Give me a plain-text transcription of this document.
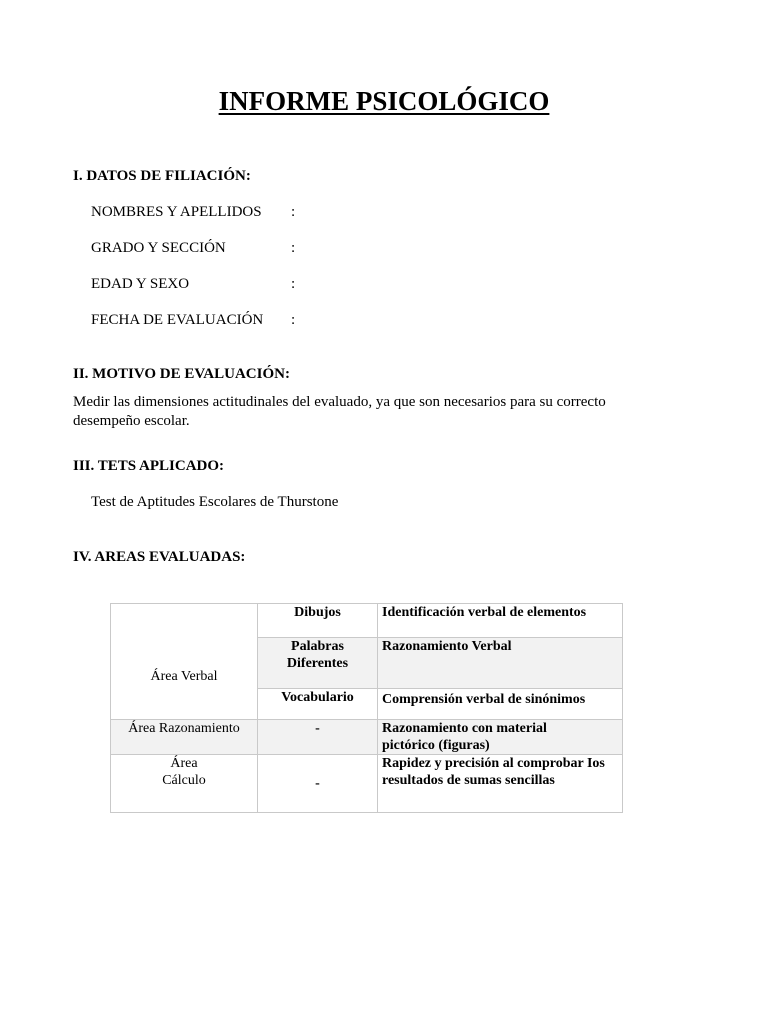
INFORME PSICOLÓGICO
I. DATOS DE FILIACIÓN:
NOMBRES Y APELLIDOS :
GRADO Y SECCIÓN	:
EDAD Y SEXO	:
FECHA DE EVALUACIÓN :
II. MOTIVO DE EVALUACIÓN:
Medir las dimensiones actitudinales del evaluado, ya que son necesarios para su correcto desempeño escolar.
III. TETS APLICADO:
Test de Aptitudes Escolares de Thurstone
IV. AREAS EVALUADAS:
Área Verbal	Dibujos	Identificación verbal de elementos
	Palabras Diferentes	Razonamiento Verbal
	Vocabulario	Comprensión verbal de sinónimos
Área Razonamiento	-	Razonamiento con material pictórico (figuras)

Área
Cálculo	-	Rapidez y precisión al comprobar Ios resultados de sumas sencillas
